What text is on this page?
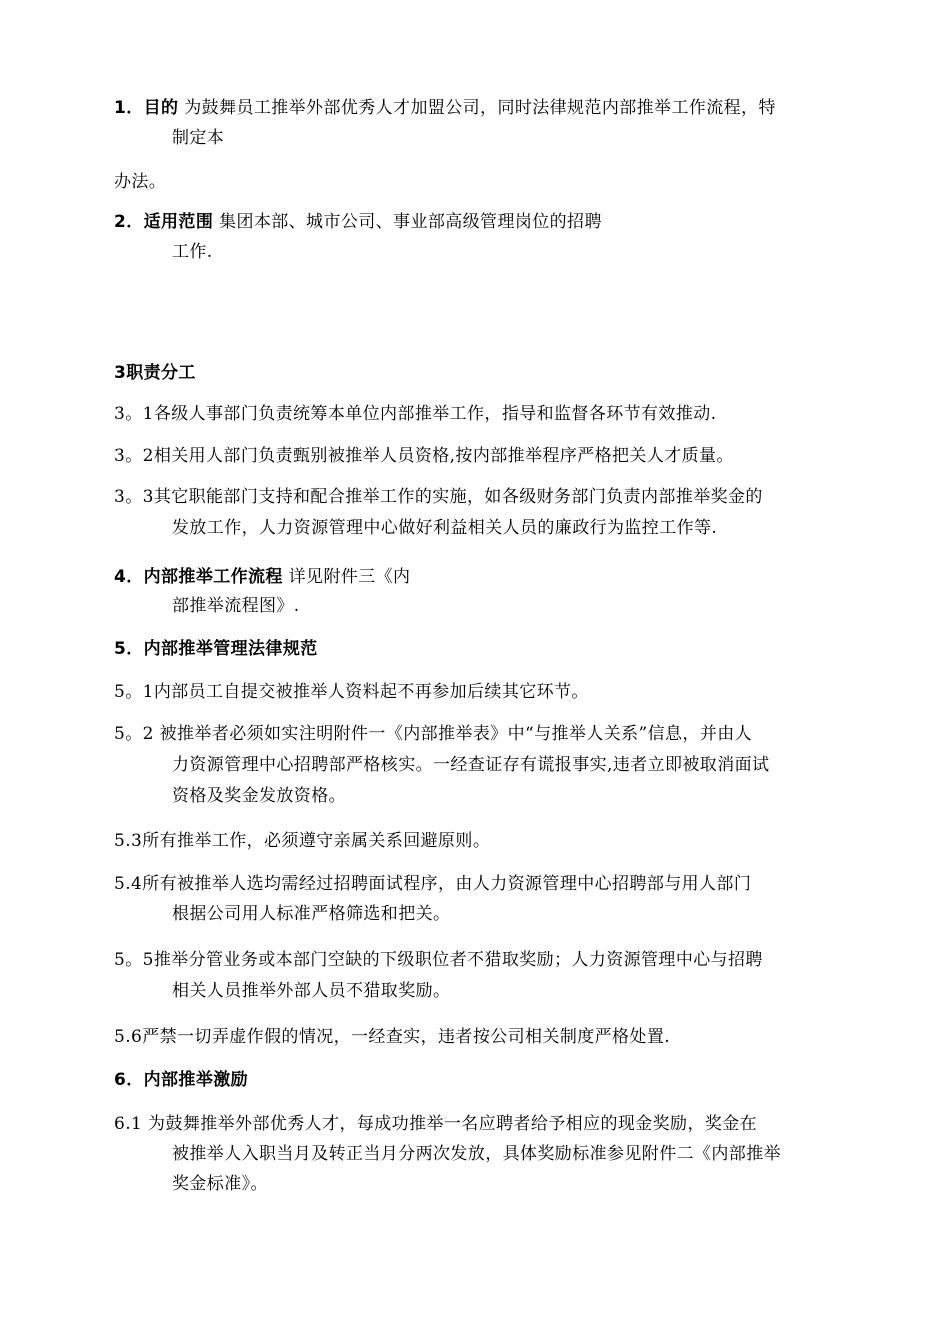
1．目的 为鼓舞员工推举外部优秀人才加盟公司，同时法律规范内部推举工作流程，特
制定本
办法。
2．适用范围 集团本部、城市公司、事业部高级管理岗位的招聘
工作.
3职责分工
3。1各级人事部门负责统筹本单位内部推举工作，指导和监督各环节有效推动.
3。2相关用人部门负责甄别被推举人员资格,按内部推举程序严格把关人才质量。
3。3其它职能部门支持和配合推举工作的实施，如各级财务部门负责内部推举奖金的
发放工作，人力资源管理中心做好利益相关人员的廉政行为监控工作等.
4．内部推举工作流程 详见附件三《内
部推举流程图》.
5．内部推举管理法律规范
5。1内部员工自提交被推举人资料起不再参加后续其它环节。
5。2 被推举者必须如实注明附件一《内部推举表》中“与推举人关系”信息，并由人
力资源管理中心招聘部严格核实。一经查证存有谎报事实,违者立即被取消面试
资格及奖金发放资格。
5.3所有推举工作，必须遵守亲属关系回避原则。
5.4所有被推举人选均需经过招聘面试程序，由人力资源管理中心招聘部与用人部门
根据公司用人标准严格筛选和把关。
5。5推举分管业务或本部门空缺的下级职位者不猎取奖励；人力资源管理中心与招聘
相关人员推举外部人员不猎取奖励。
5.6严禁一切弄虚作假的情况，一经查实，违者按公司相关制度严格处置.
6．内部推举激励
6.1 为鼓舞推举外部优秀人才，每成功推举一名应聘者给予相应的现金奖励，奖金在
被推举人入职当月及转正当月分两次发放，具体奖励标准参见附件二《内部推举
奖金标准》。
